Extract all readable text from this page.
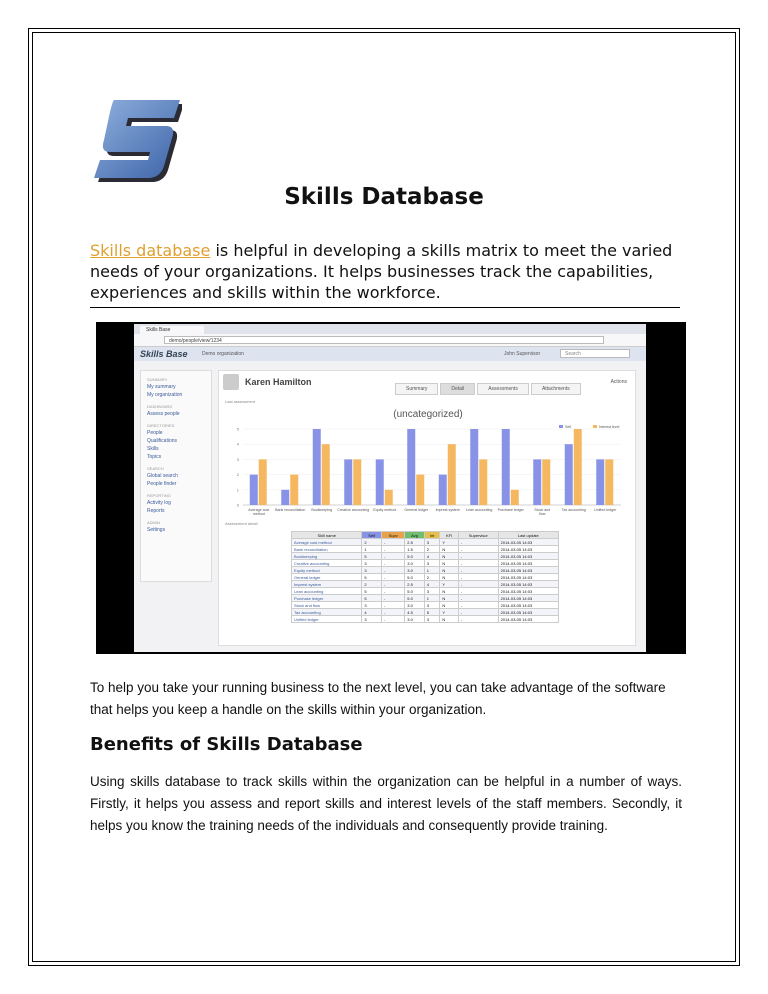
Skills Database

Skills database is helpful in developing a skills matrix to meet the varied
needs of your organizations. It helps businesses track the capabilities,
experiences and skills within the workforce.

Skills Base
demo/people/view/1234
Skills Base	Demo organization	John Supervisor	Search
SUMMARY
My summary
My organization
DASHBOARD
Assess people
DIRECTORIES
People
Qualifications
Skills
Topics
SEARCH
Global search
People finder
REPORTING
Activity log
Reports
ADMIN
Settings
Karen Hamilton
Summary	Detail	Assessments	Attachments
Actions
Last assessment
(uncategorized)
0
1
2
3
4
5
Average cost
method
Bank reconciliation Bookkeeping Creative accounting Equity method General ledger Imprest system Lean accounting Purchase ledger	Stock and
flow
Tax accounting Unified ledger
Self	Interest level
Assessment detail
Skill name	Self	Supv	Avg	Int	KFI	Supervisor	Last update
Average cost method	2	-	2.5	3	Y	-	2014-03-05 14:03
Bank reconciliation	1	-	1.5	2	N	-	2014-03-05 14:03
Bookkeeping	5	-	5.0	4	N	-	2014-03-05 14:03
Creative accounting	3	-	3.0	3	N	-	2014-03-05 14:03
Equity method	3	-	3.0	1	N	-	2014-03-05 14:03
General ledger	5	-	5.0	2	N	-	2014-03-05 14:03
Imprest system	2	-	2.5	4	Y	-	2014-03-05 14:03
Lean accounting	5	-	5.0	3	N	-	2014-03-05 14:03
Purchase ledger	5	-	5.0	1	N	-	2014-03-05 14:03
Stock and flow	3	-	3.0	3	N	-	2014-03-05 14:03
Tax accounting	4	-	4.5	5	Y	-	2014-03-05 14:03
Unified ledger	3	-	3.0	3	N	-	2014-03-05 14:03

To help you take your running business to the next level, you can take advantage of the software that helps you keep a handle on the skills within your organization.

Benefits of Skills Database

Using skills database to track skills within the organization can be helpful in a number of ways. Firstly, it helps you assess and report skills and interest levels of the staff members. Secondly, it helps you know the training needs of the individuals and consequently provide training.
